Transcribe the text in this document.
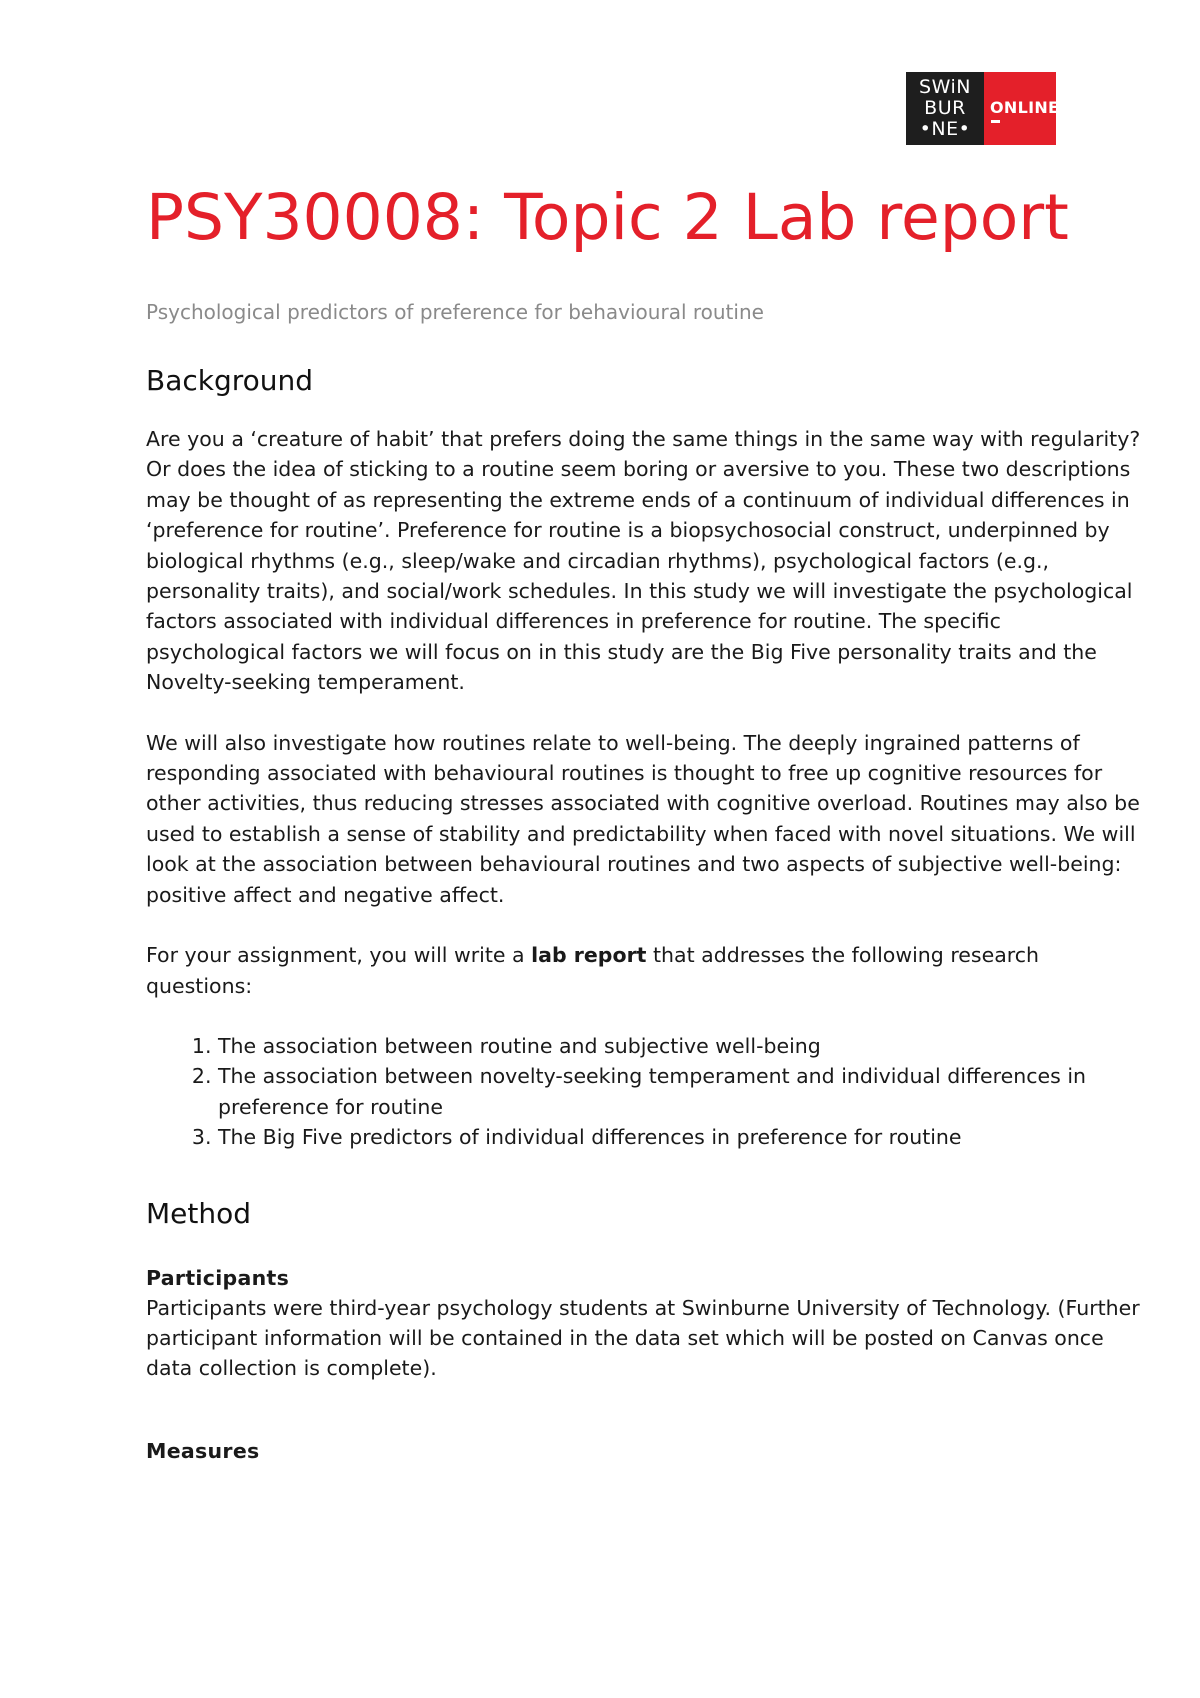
SWiN
BUR
•NE•
ONLINE
PSY30008: Topic 2 Lab report
Psychological predictors of preference for behavioural routine
Background

Are you a ‘creature of habit’ that prefers doing the same things in the same way with regularity? Or does the idea of sticking to a routine seem boring or aversive to you. These two descriptions may be thought of as representing the extreme ends of a continuum of individual differences in ‘preference for routine’. Preference for routine is a biopsychosocial construct, underpinned by biological rhythms (e.g., sleep/wake and circadian rhythms), psychological factors (e.g., personality traits), and social/work schedules. In this study we will investigate the psychological factors associated with individual differences in preference for routine. The specific psychological factors we will focus on in this study are the Big Five personality traits and the Novelty-seeking temperament.

We will also investigate how routines relate to well-being. The deeply ingrained patterns of responding associated with behavioural routines is thought to free up cognitive resources for other activities, thus reducing stresses associated with cognitive overload. Routines may also be used to establish a sense of stability and predictability when faced with novel situations. We will look at the association between behavioural routines and two aspects of subjective well-being: positive affect and negative affect.

For your assignment, you will write a lab report that addresses the following research questions:

1. The association between routine and subjective well-being
2. The association between novelty-seeking temperament and individual differences in preference for routine
3. The Big Five predictors of individual differences in preference for routine
Method

Participants

Participants were third-year psychology students at Swinburne University of Technology. (Further participant information will be contained in the data set which will be posted on Canvas once data collection is complete).

Measures
